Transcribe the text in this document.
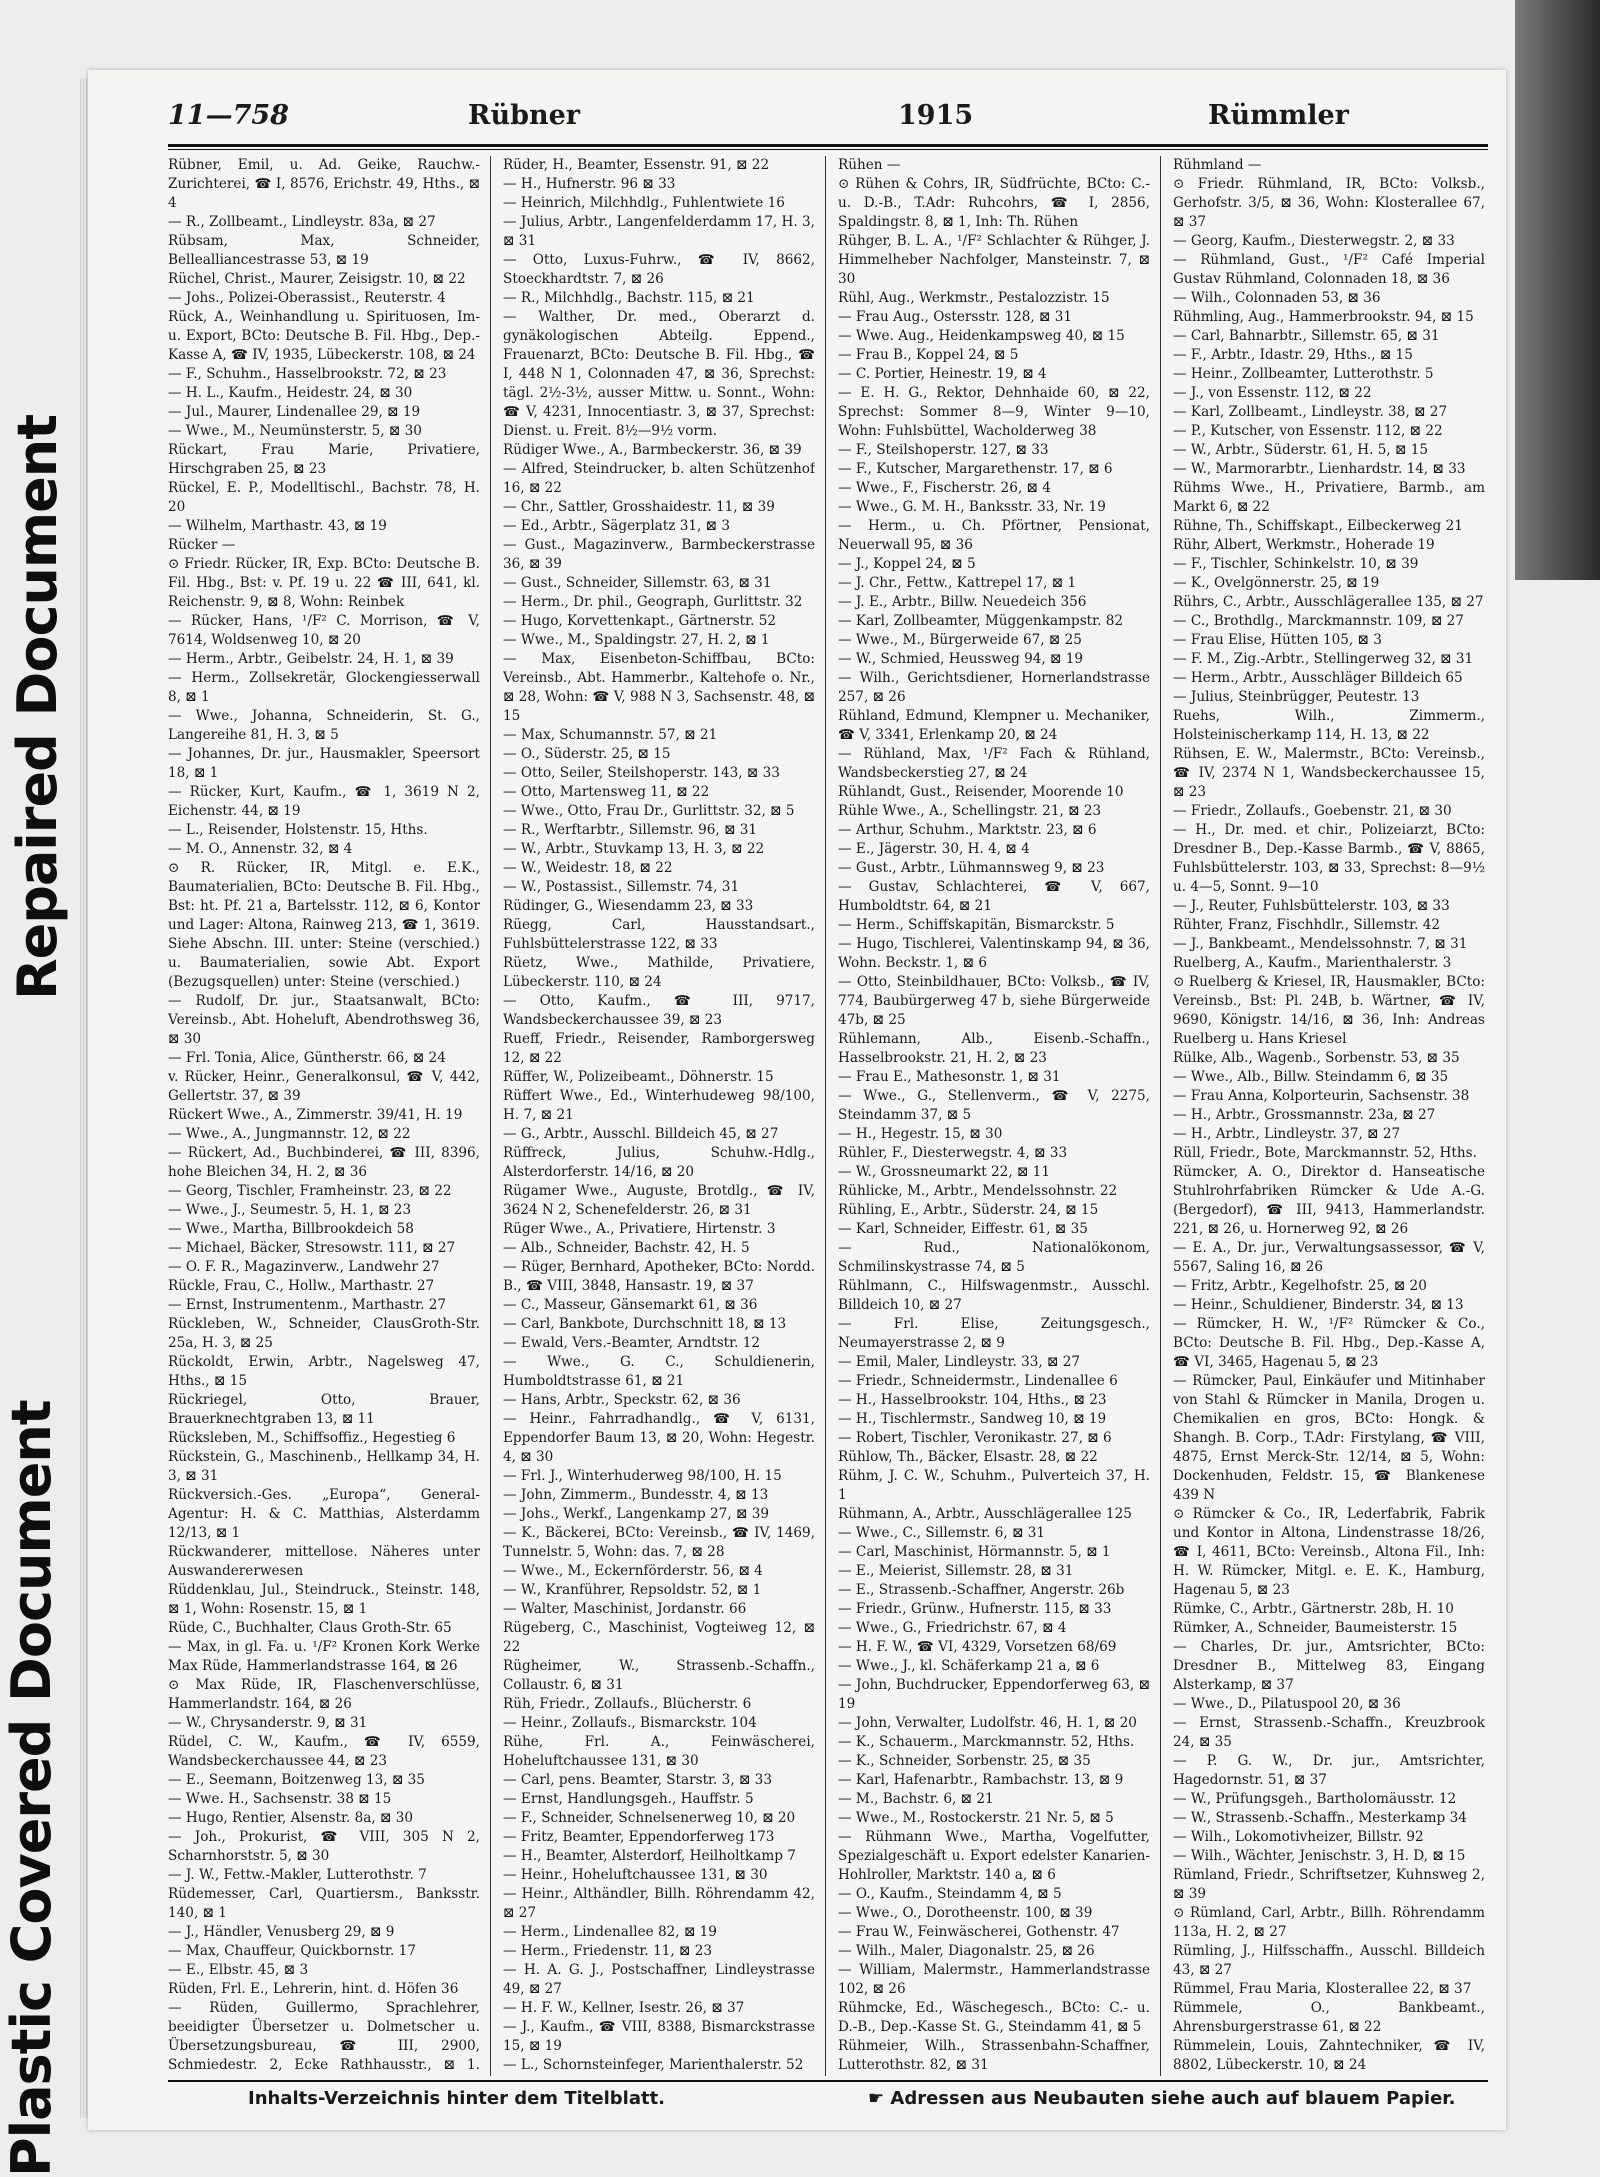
Repaired Document
Plastic Covered Document
11—758	Rübner	1915	Rümmler

Rübner, Emil, u. Ad. Geike, Rauchw.-Zurichterei, ☎ I, 8576, Erichstr. 49, Hths., ⊠ 4

— R., Zollbeamt., Lindleystr. 83a, ⊠ 27

Rübsam, Max, Schneider, Bellealliancestrasse 53, ⊠ 19

Rüchel, Christ., Maurer, Zeisigstr. 10, ⊠ 22

— Johs., Polizei-Oberassist., Reuterstr. 4

Rück, A., Weinhandlung u. Spirituosen, Im- u. Export, BCto: Deutsche B. Fil. Hbg., Dep.-Kasse A, ☎ IV, 1935, Lübeckerstr. 108, ⊠ 24

— F., Schuhm., Hasselbrookstr. 72, ⊠ 23

— H. L., Kaufm., Heidestr. 24, ⊠ 30

— Jul., Maurer, Lindenallee 29, ⊠ 19

— Wwe., M., Neumünsterstr. 5, ⊠ 30

Rückart, Frau Marie, Privatiere, Hirschgraben 25, ⊠ 23

Rückel, E. P., Modelltischl., Bachstr. 78, H. 20

— Wilhelm, Marthastr. 43, ⊠ 19

Rücker —

⊙ Friedr. Rücker, IR, Exp. BCto: Deutsche B. Fil. Hbg., Bst: v. Pf. 19 u. 22 ☎ III, 641, kl. Reichenstr. 9, ⊠ 8, Wohn: Reinbek

— Rücker, Hans, ¹/F² C. Morrison, ☎ V, 7614, Woldsenweg 10, ⊠ 20

— Herm., Arbtr., Geibelstr. 24, H. 1, ⊠ 39

— Herm., Zollsekretär, Glockengiesserwall 8, ⊠ 1

— Wwe., Johanna, Schneiderin, St. G., Langereihe 81, H. 3, ⊠ 5

— Johannes, Dr. jur., Hausmakler, Speersort 18, ⊠ 1

— Rücker, Kurt, Kaufm., ☎ 1, 3619 N 2, Eichenstr. 44, ⊠ 19

— L., Reisender, Holstenstr. 15, Hths.

— M. O., Annenstr. 32, ⊠ 4

⊙ R. Rücker, IR, Mitgl. e. E.K., Baumaterialien, BCto: Deutsche B. Fil. Hbg., Bst: ht. Pf. 21 a, Bartelsstr. 112, ⊠ 6, Kontor und Lager: Altona, Rainweg 213, ☎ 1, 3619. Siehe Abschn. III. unter: Steine (verschied.) u. Baumaterialien, sowie Abt. Export (Bezugsquellen) unter: Steine (verschied.)

— Rudolf, Dr. jur., Staatsanwalt, BCto: Vereinsb., Abt. Hoheluft, Abendrothsweg 36, ⊠ 30

— Frl. Tonia, Alice, Güntherstr. 66, ⊠ 24

v. Rücker, Heinr., Generalkonsul, ☎ V, 442, Gellertstr. 37, ⊠ 39

Rückert Wwe., A., Zimmerstr. 39/41, H. 19

— Wwe., A., Jungmannstr. 12, ⊠ 22

— Rückert, Ad., Buchbinderei, ☎ III, 8396, hohe Bleichen 34, H. 2, ⊠ 36

— Georg, Tischler, Framheinstr. 23, ⊠ 22

— Wwe., J., Seumestr. 5, H. 1, ⊠ 23

— Wwe., Martha, Billbrookdeich 58

— Michael, Bäcker, Stresowstr. 111, ⊠ 27

— O. F. R., Magazinverw., Landwehr 27

Rückle, Frau, C., Hollw., Marthastr. 27

— Ernst, Instrumentenm., Marthastr. 27

Rückleben, W., Schneider, ClausGroth-Str. 25a, H. 3, ⊠ 25

Rückoldt, Erwin, Arbtr., Nagelsweg 47, Hths., ⊠ 15

Rückriegel, Otto, Brauer, Brauerknechtgraben 13, ⊠ 11

Rücksleben, M., Schiffsoffiz., Hegestieg 6

Rückstein, G., Maschinenb., Hellkamp 34, H. 3, ⊠ 31

Rückversich.-Ges. „Europa“, General-Agentur: H. & C. Matthias, Alsterdamm 12/13, ⊠ 1

Rückwanderer, mittellose. Näheres unter Auswandererwesen

Rüddenklau, Jul., Steindruck., Steinstr. 148, ⊠ 1, Wohn: Rosenstr. 15, ⊠ 1

Rüde, C., Buchhalter, Claus Groth-Str. 65

— Max, in gl. Fa. u. ¹/F² Kronen Kork Werke Max Rüde, Hammerlandstrasse 164, ⊠ 26

⊙ Max Rüde, IR, Flaschenverschlüsse, Hammerlandstr. 164, ⊠ 26

— W., Chrysanderstr. 9, ⊠ 31

Rüdel, C. W., Kaufm., ☎ IV, 6559, Wandsbeckerchaussee 44, ⊠ 23

— E., Seemann, Boitzenweg 13, ⊠ 35

— Wwe. H., Sachsenstr. 38 ⊠ 15

— Hugo, Rentier, Alsenstr. 8a, ⊠ 30

— Joh., Prokurist, ☎ VIII, 305 N 2, Scharnhorststr. 5, ⊠ 30

— J. W., Fettw.-Makler, Lutterothstr. 7

Rüdemesser, Carl, Quartiersm., Banksstr. 140, ⊠ 1

— J., Händler, Venusberg 29, ⊠ 9

— Max, Chauffeur, Quickbornstr. 17

— E., Elbstr. 45, ⊠ 3

Rüden, Frl. E., Lehrerin, hint. d. Höfen 36

— Rüden, Guillermo, Sprachlehrer, beeidigter Übersetzer u. Dolmetscher u. Übersetzungsbureau, ☎ III, 2900, Schmiedestr. 2, Ecke Rathhausstr., ⊠ 1.

Rüder, H., Beamter, Essenstr. 91, ⊠ 22

— H., Hufnerstr. 96 ⊠ 33

— Heinrich, Milchhdlg., Fuhlentwiete 16

— Julius, Arbtr., Langenfelderdamm 17, H. 3, ⊠ 31

— Otto, Luxus-Fuhrw., ☎ IV, 8662, Stoeckhardtstr. 7, ⊠ 26

— R., Milchhdlg., Bachstr. 115, ⊠ 21

— Walther, Dr. med., Oberarzt d. gynäkologischen Abteilg. Eppend., Frauenarzt, BCto: Deutsche B. Fil. Hbg., ☎ I, 448 N 1, Colonnaden 47, ⊠ 36, Sprechst: tägl. 2½-3½, ausser Mittw. u. Sonnt., Wohn: ☎ V, 4231, Innocentiastr. 3, ⊠ 37, Sprechst: Dienst. u. Freit. 8½—9½ vorm.

Rüdiger Wwe., A., Barmbeckerstr. 36, ⊠ 39

— Alfred, Steindrucker, b. alten Schützenhof 16, ⊠ 22

— Chr., Sattler, Grosshaidestr. 11, ⊠ 39

— Ed., Arbtr., Sägerplatz 31, ⊠ 3

— Gust., Magazinverw., Barmbeckerstrasse 36, ⊠ 39

— Gust., Schneider, Sillemstr. 63, ⊠ 31

— Herm., Dr. phil., Geograph, Gurlittstr. 32

— Hugo, Korvettenkapt., Gärtnerstr. 52

— Wwe., M., Spaldingstr. 27, H. 2, ⊠ 1

— Max, Eisenbeton-Schiffbau, BCto: Vereinsb., Abt. Hammerbr., Kaltehofe o. Nr., ⊠ 28, Wohn: ☎ V, 988 N 3, Sachsenstr. 48, ⊠ 15

— Max, Schumannstr. 57, ⊠ 21

— O., Süderstr. 25, ⊠ 15

— Otto, Seiler, Steilshoperstr. 143, ⊠ 33

— Otto, Martensweg 11, ⊠ 22

— Wwe., Otto, Frau Dr., Gurlittstr. 32, ⊠ 5

— R., Werftarbtr., Sillemstr. 96, ⊠ 31

— W., Arbtr., Stuvkamp 13, H. 3, ⊠ 22

— W., Weidestr. 18, ⊠ 22

— W., Postassist., Sillemstr. 74, 31

Rüdinger, G., Wiesendamm 23, ⊠ 33

Rüegg, Carl, Hausstandsart., Fuhlsbüttelerstrasse 122, ⊠ 33

Rüetz, Wwe., Mathilde, Privatiere, Lübeckerstr. 110, ⊠ 24

— Otto, Kaufm., ☎ III, 9717, Wandsbeckerchaussee 39, ⊠ 23

Rueff, Friedr., Reisender, Ramborgersweg 12, ⊠ 22

Rüffer, W., Polizeibeamt., Döhnerstr. 15

Rüffert Wwe., Ed., Winterhudeweg 98/100, H. 7, ⊠ 21

— G., Arbtr., Ausschl. Billdeich 45, ⊠ 27

Rüffreck, Julius, Schuhw.-Hdlg., Alsterdorferstr. 14/16, ⊠ 20

Rügamer Wwe., Auguste, Brotdlg., ☎ IV, 3624 N 2, Schenefelderstr. 26, ⊠ 31

Rüger Wwe., A., Privatiere, Hirtenstr. 3

— Alb., Schneider, Bachstr. 42, H. 5

— Rüger, Bernhard, Apotheker, BCto: Nordd. B., ☎ VIII, 3848, Hansastr. 19, ⊠ 37

— C., Masseur, Gänsemarkt 61, ⊠ 36

— Carl, Bankbote, Durchschnitt 18, ⊠ 13

— Ewald, Vers.-Beamter, Arndtstr. 12

— Wwe., G. C., Schuldienerin, Humboldtstrasse 61, ⊠ 21

— Hans, Arbtr., Speckstr. 62, ⊠ 36

— Heinr., Fahrradhandlg., ☎ V, 6131, Eppendorfer Baum 13, ⊠ 20, Wohn: Hegestr. 4, ⊠ 30

— Frl. J., Winterhuderweg 98/100, H. 15

— John, Zimmerm., Bundesstr. 4, ⊠ 13

— Johs., Werkf., Langenkamp 27, ⊠ 39

— K., Bäckerei, BCto: Vereinsb., ☎ IV, 1469, Tunnelstr. 5, Wohn: das. 7, ⊠ 28

— Wwe., M., Eckernförderstr. 56, ⊠ 4

— W., Kranführer, Repsoldstr. 52, ⊠ 1

— Walter, Maschinist, Jordanstr. 66

Rügeberg, C., Maschinist, Vogteiweg 12, ⊠ 22

Rügheimer, W., Strassenb.-Schaffn., Collaustr. 6, ⊠ 31

Rüh, Friedr., Zollaufs., Blücherstr. 6

— Heinr., Zollaufs., Bismarckstr. 104

Rühe, Frl. A., Feinwäscherei, Hoheluftchaussee 131, ⊠ 30

— Carl, pens. Beamter, Starstr. 3, ⊠ 33

— Ernst, Handlungsgeh., Hauffstr. 5

— F., Schneider, Schnelsenerweg 10, ⊠ 20

— Fritz, Beamter, Eppendorferweg 173

— H., Beamter, Alsterdorf, Heilholtkamp 7

— Heinr., Hoheluftchaussee 131, ⊠ 30

— Heinr., Althändler, Billh. Röhrendamm 42, ⊠ 27

— Herm., Lindenallee 82, ⊠ 19

— Herm., Friedenstr. 11, ⊠ 23

— H. A. G. J., Postschaffner, Lindleystrasse 49, ⊠ 27

— H. F. W., Kellner, Isestr. 26, ⊠ 37

— J., Kaufm., ☎ VIII, 8388, Bismarckstrasse 15, ⊠ 19

— L., Schornsteinfeger, Marienthalerstr. 52

Rühen —

⊙ Rühen & Cohrs, IR, Südfrüchte, BCto: C.- u. D.-B., T.Adr: Ruhcohrs, ☎ I, 2856, Spaldingstr. 8, ⊠ 1, Inh: Th. Rühen

Rühger, B. L. A., ¹/F² Schlachter & Rühger, J. Himmelheber Nachfolger, Mansteinstr. 7, ⊠ 30

Rühl, Aug., Werkmstr., Pestalozzistr. 15

— Frau Aug., Ostersstr. 128, ⊠ 31

— Wwe. Aug., Heidenkampsweg 40, ⊠ 15

— Frau B., Koppel 24, ⊠ 5

— C. Portier, Heinestr. 19, ⊠ 4

— E. H. G., Rektor, Dehnhaide 60, ⊠ 22, Sprechst: Sommer 8—9, Winter 9—10, Wohn: Fuhlsbüttel, Wacholderweg 38

— F., Steilshoperstr. 127, ⊠ 33

— F., Kutscher, Margarethenstr. 17, ⊠ 6

— Wwe., F., Fischerstr. 26, ⊠ 4

— Wwe., G. M. H., Banksstr. 33, Nr. 19

— Herm., u. Ch. Pförtner, Pensionat, Neuerwall 95, ⊠ 36

— J., Koppel 24, ⊠ 5

— J. Chr., Fettw., Kattrepel 17, ⊠ 1

— J. E., Arbtr., Billw. Neuedeich 356

— Karl, Zollbeamter, Müggenkampstr. 82

— Wwe., M., Bürgerweide 67, ⊠ 25

— W., Schmied, Heussweg 94, ⊠ 19

— Wilh., Gerichtsdiener, Hornerlandstrasse 257, ⊠ 26

Rühland, Edmund, Klempner u. Mechaniker, ☎ V, 3341, Erlenkamp 20, ⊠ 24

— Rühland, Max, ¹/F² Fach & Rühland, Wandsbeckerstieg 27, ⊠ 24

Rühlandt, Gust., Reisender, Moorende 10

Rühle Wwe., A., Schellingstr. 21, ⊠ 23

— Arthur, Schuhm., Marktstr. 23, ⊠ 6

— E., Jägerstr. 30, H. 4, ⊠ 4

— Gust., Arbtr., Lühmannsweg 9, ⊠ 23

— Gustav, Schlachterei, ☎ V, 667, Humboldtstr. 64, ⊠ 21

— Herm., Schiffskapitän, Bismarckstr. 5

— Hugo, Tischlerei, Valentinskamp 94, ⊠ 36, Wohn. Beckstr. 1, ⊠ 6

— Otto, Steinbildhauer, BCto: Volksb., ☎ IV, 774, Baubürgerweg 47 b, siehe Bürgerweide 47b, ⊠ 25

Rühlemann, Alb., Eisenb.-Schaffn., Hasselbrookstr. 21, H. 2, ⊠ 23

— Frau E., Mathesonstr. 1, ⊠ 31

— Wwe., G., Stellenverm., ☎ V, 2275, Steindamm 37, ⊠ 5

— H., Hegestr. 15, ⊠ 30

Rühler, F., Diesterwegstr. 4, ⊠ 33

— W., Grossneumarkt 22, ⊠ 11

Rühlicke, M., Arbtr., Mendelssohnstr. 22

Rühling, E., Arbtr., Süderstr. 24, ⊠ 15

— Karl, Schneider, Eiffestr. 61, ⊠ 35

— Rud., Nationalökonom, Schmilinskystrasse 74, ⊠ 5

Rühlmann, C., Hilfswagenmstr., Ausschl. Billdeich 10, ⊠ 27

— Frl. Elise, Zeitungsgesch., Neumayerstrasse 2, ⊠ 9

— Emil, Maler, Lindleystr. 33, ⊠ 27

— Friedr., Schneidermstr., Lindenallee 6

— H., Hasselbrookstr. 104, Hths., ⊠ 23

— H., Tischlermstr., Sandweg 10, ⊠ 19

— Robert, Tischler, Veronikastr. 27, ⊠ 6

Rühlow, Th., Bäcker, Elsastr. 28, ⊠ 22

Rühm, J. C. W., Schuhm., Pulverteich 37, H. 1

Rühmann, A., Arbtr., Ausschlägerallee 125

— Wwe., C., Sillemstr. 6, ⊠ 31

— Carl, Maschinist, Hörmannstr. 5, ⊠ 1

— E., Meierist, Sillemstr. 28, ⊠ 31

— E., Strassenb.-Schaffner, Angerstr. 26b

— Friedr., Grünw., Hufnerstr. 115, ⊠ 33

— Wwe., G., Friedrichstr. 67, ⊠ 4

— H. F. W., ☎ VI, 4329, Vorsetzen 68/69

— Wwe., J., kl. Schäferkamp 21 a, ⊠ 6

— John, Buchdrucker, Eppendorferweg 63, ⊠ 19

— John, Verwalter, Ludolfstr. 46, H. 1, ⊠ 20

— K., Schauerm., Marckmannstr. 52, Hths.

— K., Schneider, Sorbenstr. 25, ⊠ 35

— Karl, Hafenarbtr., Rambachstr. 13, ⊠ 9

— M., Bachstr. 6, ⊠ 21

— Wwe., M., Rostockerstr. 21 Nr. 5, ⊠ 5

— Rühmann Wwe., Martha, Vogelfutter, Spezialgeschäft u. Export edelster Kanarien-Hohlroller, Marktstr. 140 a, ⊠ 6

— O., Kaufm., Steindamm 4, ⊠ 5

— Wwe., O., Dorotheenstr. 100, ⊠ 39

— Frau W., Feinwäscherei, Gothenstr. 47

— Wilh., Maler, Diagonalstr. 25, ⊠ 26

— William, Malermstr., Hammerlandstrasse 102, ⊠ 26

Rühmcke, Ed., Wäschegesch., BCto: C.- u. D.-B., Dep.-Kasse St. G., Steindamm 41, ⊠ 5

Rühmeier, Wilh., Strassenbahn-Schaffner, Lutterothstr. 82, ⊠ 31

Rühmland —

⊙ Friedr. Rühmland, IR, BCto: Volksb., Gerhofstr. 3/5, ⊠ 36, Wohn: Klosterallee 67, ⊠ 37

— Georg, Kaufm., Diesterwegstr. 2, ⊠ 33

— Rühmland, Gust., ¹/F² Café Imperial Gustav Rühmland, Colonnaden 18, ⊠ 36

— Wilh., Colonnaden 53, ⊠ 36

Rühmling, Aug., Hammerbrookstr. 94, ⊠ 15

— Carl, Bahnarbtr., Sillemstr. 65, ⊠ 31

— F., Arbtr., Idastr. 29, Hths., ⊠ 15

— Heinr., Zollbeamter, Lutterothstr. 5

— J., von Essenstr. 112, ⊠ 22

— Karl, Zollbeamt., Lindleystr. 38, ⊠ 27

— P., Kutscher, von Essenstr. 112, ⊠ 22

— W., Arbtr., Süderstr. 61, H. 5, ⊠ 15

— W., Marmorarbtr., Lienhardstr. 14, ⊠ 33

Rühms Wwe., H., Privatiere, Barmb., am Markt 6, ⊠ 22

Rühne, Th., Schiffskapt., Eilbeckerweg 21

Rühr, Albert, Werkmstr., Hoherade 19

— F., Tischler, Schinkelstr. 10, ⊠ 39

— K., Ovelgönnerstr. 25, ⊠ 19

Rührs, C., Arbtr., Ausschlägerallee 135, ⊠ 27

— C., Brothdlg., Marckmannstr. 109, ⊠ 27

— Frau Elise, Hütten 105, ⊠ 3

— F. M., Zig.-Arbtr., Stellingerweg 32, ⊠ 31

— Herm., Arbtr., Ausschläger Billdeich 65

— Julius, Steinbrügger, Peutestr. 13

Ruehs, Wilh., Zimmerm., Holsteinischerkamp 114, H. 13, ⊠ 22

Rühsen, E. W., Malermstr., BCto: Vereinsb., ☎ IV, 2374 N 1, Wandsbeckerchaussee 15, ⊠ 23

— Friedr., Zollaufs., Goebenstr. 21, ⊠ 30

— H., Dr. med. et chir., Polizeiarzt, BCto: Dresdner B., Dep.-Kasse Barmb., ☎ V, 8865, Fuhlsbüttelerstr. 103, ⊠ 33, Sprechst: 8—9½ u. 4—5, Sonnt. 9—10

— J., Reuter, Fuhlsbüttelerstr. 103, ⊠ 33

Rühter, Franz, Fischhdlr., Sillemstr. 42

— J., Bankbeamt., Mendelssohnstr. 7, ⊠ 31

Ruelberg, A., Kaufm., Marienthalerstr. 3

⊙ Ruelberg & Kriesel, IR, Hausmakler, BCto: Vereinsb., Bst: Pl. 24B, b. Wärtner, ☎ IV, 9690, Königstr. 14/16, ⊠ 36, Inh: Andreas Ruelberg u. Hans Kriesel

Rülke, Alb., Wagenb., Sorbenstr. 53, ⊠ 35

— Wwe., Alb., Billw. Steindamm 6, ⊠ 35

— Frau Anna, Kolporteurin, Sachsenstr. 38

— H., Arbtr., Grossmannstr. 23a, ⊠ 27

— H., Arbtr., Lindleystr. 37, ⊠ 27

Rüll, Friedr., Bote, Marckmannstr. 52, Hths.

Rümcker, A. O., Direktor d. Hanseatische Stuhlrohrfabriken Rümcker & Ude A.-G. (Bergedorf), ☎ III, 9413, Hammerlandstr. 221, ⊠ 26, u. Hornerweg 92, ⊠ 26

— E. A., Dr. jur., Verwaltungsassessor, ☎ V, 5567, Saling 16, ⊠ 26

— Fritz, Arbtr., Kegelhofstr. 25, ⊠ 20

— Heinr., Schuldiener, Binderstr. 34, ⊠ 13

— Rümcker, H. W., ¹/F² Rümcker & Co., BCto: Deutsche B. Fil. Hbg., Dep.-Kasse A, ☎ VI, 3465, Hagenau 5, ⊠ 23

— Rümcker, Paul, Einkäufer und Mitinhaber von Stahl & Rümcker in Manila, Drogen u. Chemikalien en gros, BCto: Hongk. & Shangh. B. Corp., T.Adr: Firstylang, ☎ VIII, 4875, Ernst Merck-Str. 12/14, ⊠ 5, Wohn: Dockenhuden, Feldstr. 15, ☎ Blankenese 439 N

⊙ Rümcker & Co., IR, Lederfabrik, Fabrik und Kontor in Altona, Lindenstrasse 18/26, ☎ I, 4611, BCto: Vereinsb., Altona Fil., Inh: H. W. Rümcker, Mitgl. e. E. K., Hamburg, Hagenau 5, ⊠ 23

Rümke, C., Arbtr., Gärtnerstr. 28b, H. 10

Rümker, A., Schneider, Baumeisterstr. 15

— Charles, Dr. jur., Amtsrichter, BCto: Dresdner B., Mittelweg 83, Eingang Alsterkamp, ⊠ 37

— Wwe., D., Pilatuspool 20, ⊠ 36

— Ernst, Strassenb.-Schaffn., Kreuzbrook 24, ⊠ 35

— P. G. W., Dr. jur., Amtsrichter, Hagedornstr. 51, ⊠ 37

— W., Prüfungsgeh., Bartholomäusstr. 12

— W., Strassenb.-Schaffn., Mesterkamp 34

— Wilh., Lokomotivheizer, Billstr. 92

— Wilh., Wächter, Jenischstr. 3, H. D, ⊠ 15

Rümland, Friedr., Schriftsetzer, Kuhnsweg 2, ⊠ 39

⊙ Rümland, Carl, Arbtr., Billh. Röhrendamm 113a, H. 2, ⊠ 27

Rümling, J., Hilfsschaffn., Ausschl. Billdeich 43, ⊠ 27

Rümmel, Frau Maria, Klosterallee 22, ⊠ 37

Rümmele, O., Bankbeamt., Ahrensburgerstrasse 61, ⊠ 22

Rümmelein, Louis, Zahntechniker, ☎ IV, 8802, Lübeckerstr. 10, ⊠ 24

Inhalts-Verzeichnis hinter dem Titelblatt.	☛ Adressen aus Neubauten siehe auch auf blauem Papier.
